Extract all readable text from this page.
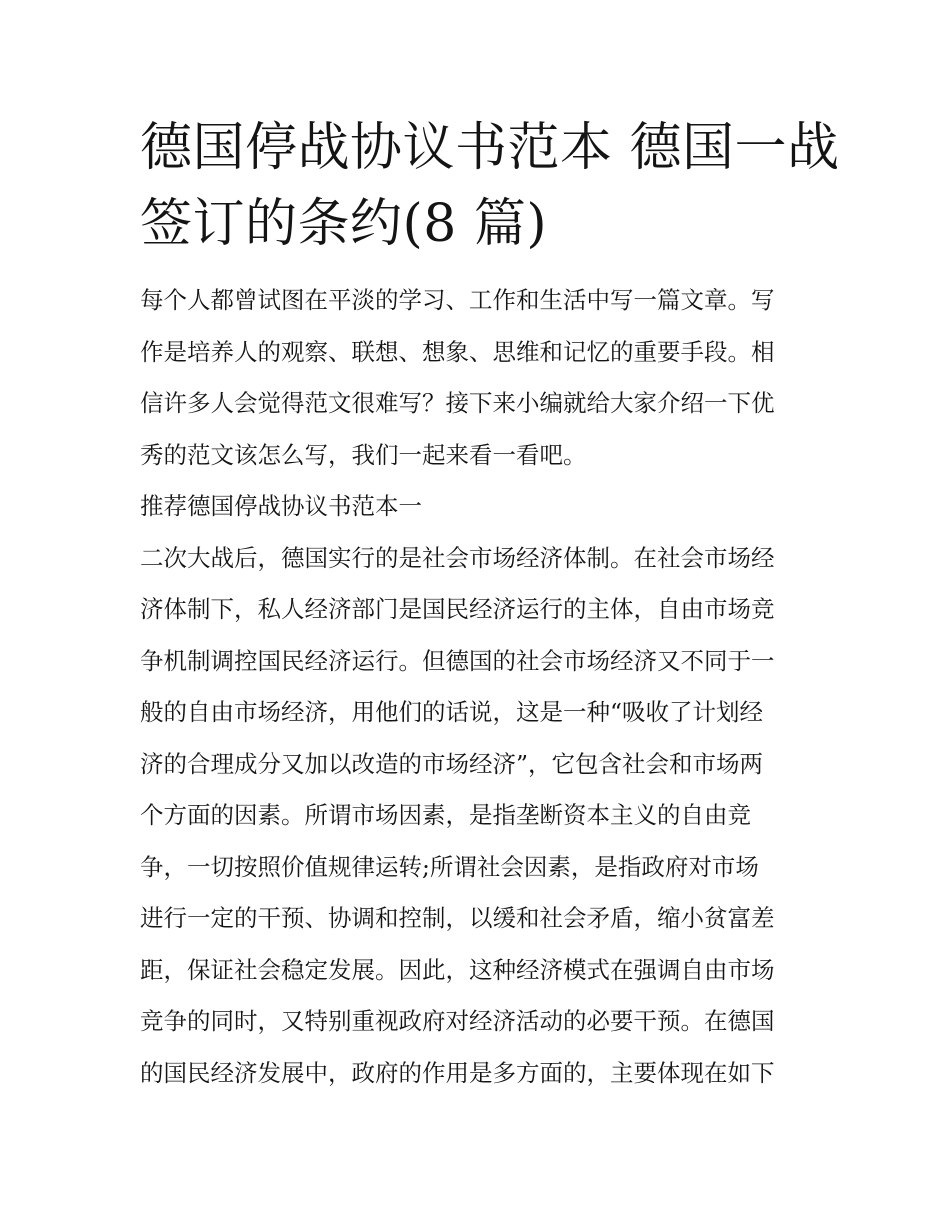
德国停战协议书范本 德国一战
签订的条约(8 篇)

每个人都曾试图在平淡的学习、工作和生活中写一篇文章。写
作是培养人的观察、联想、想象、思维和记忆的重要手段。相
信许多人会觉得范文很难写？接下来小编就给大家介绍一下优
秀的范文该怎么写，我们一起来看一看吧。

推荐德国停战协议书范本一

二次大战后，德国实行的是社会市场经济体制。在社会市场经
济体制下，私人经济部门是国民经济运行的主体，自由市场竞
争机制调控国民经济运行。但德国的社会市场经济又不同于一
般的自由市场经济，用他们的话说，这是一种“吸收了计划经
济的合理成分又加以改造的市场经济”，它包含社会和市场两
个方面的因素。所谓市场因素，是指垄断资本主义的自由竞
争，一切按照价值规律运转;所谓社会因素，是指政府对市场
进行一定的干预、协调和控制，以缓和社会矛盾，缩小贫富差
距，保证社会稳定发展。因此，这种经济模式在强调自由市场
竞争的同时，又特别重视政府对经济活动的必要干预。在德国
的国民经济发展中，政府的作用是多方面的，主要体现在如下
